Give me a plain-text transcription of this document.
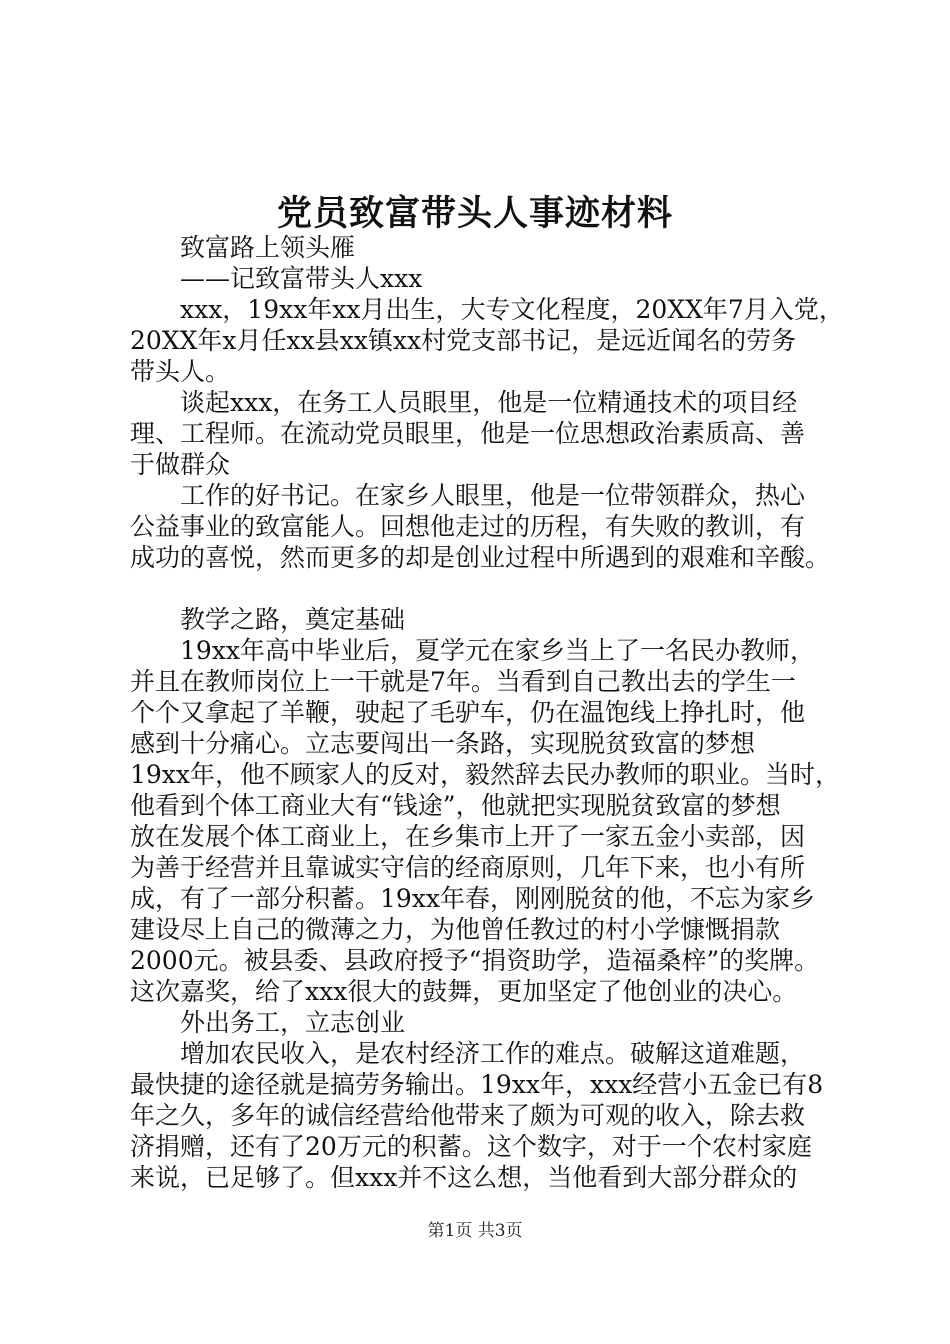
党员致富带头人事迹材料
致富路上领头雁
——记致富带头人xxx
xxx，19xx年xx月出生，大专文化程度，20XX年7月入党，
20XX年x月任xx县xx镇xx村党支部书记，是远近闻名的劳务
带头人。
谈起xxx，在务工人员眼里，他是一位精通技术的项目经
理、工程师。在流动党员眼里，他是一位思想政治素质高、善
于做群众
工作的好书记。在家乡人眼里，他是一位带领群众，热心
公益事业的致富能人。回想他走过的历程，有失败的教训，有
成功的喜悦，然而更多的却是创业过程中所遇到的艰难和辛酸。
教学之路，奠定基础
19xx年高中毕业后，夏学元在家乡当上了一名民办教师，
并且在教师岗位上一干就是7年。当看到自己教出去的学生一
个个又拿起了羊鞭，驶起了毛驴车，仍在温饱线上挣扎时，他
感到十分痛心。立志要闯出一条路，实现脱贫致富的梦想
19xx年，他不顾家人的反对，毅然辞去民办教师的职业。当时，
他看到个体工商业大有“钱途”，他就把实现脱贫致富的梦想
放在发展个体工商业上，在乡集市上开了一家五金小卖部，因
为善于经营并且靠诚实守信的经商原则，几年下来，也小有所
成，有了一部分积蓄。19xx年春，刚刚脱贫的他，不忘为家乡
建设尽上自己的微薄之力，为他曾任教过的村小学慷慨捐款
2000元。被县委、县政府授予“捐资助学，造福桑梓”的奖牌。
这次嘉奖，给了xxx很大的鼓舞，更加坚定了他创业的决心。
外出务工，立志创业
增加农民收入，是农村经济工作的难点。破解这道难题，
最快捷的途径就是搞劳务输出。19xx年，xxx经营小五金已有8
年之久，多年的诚信经营给他带来了颇为可观的收入，除去救
济捐赠，还有了20万元的积蓄。这个数字，对于一个农村家庭
来说，已足够了。但xxx并不这么想，当他看到大部分群众的
第1页 共3页
